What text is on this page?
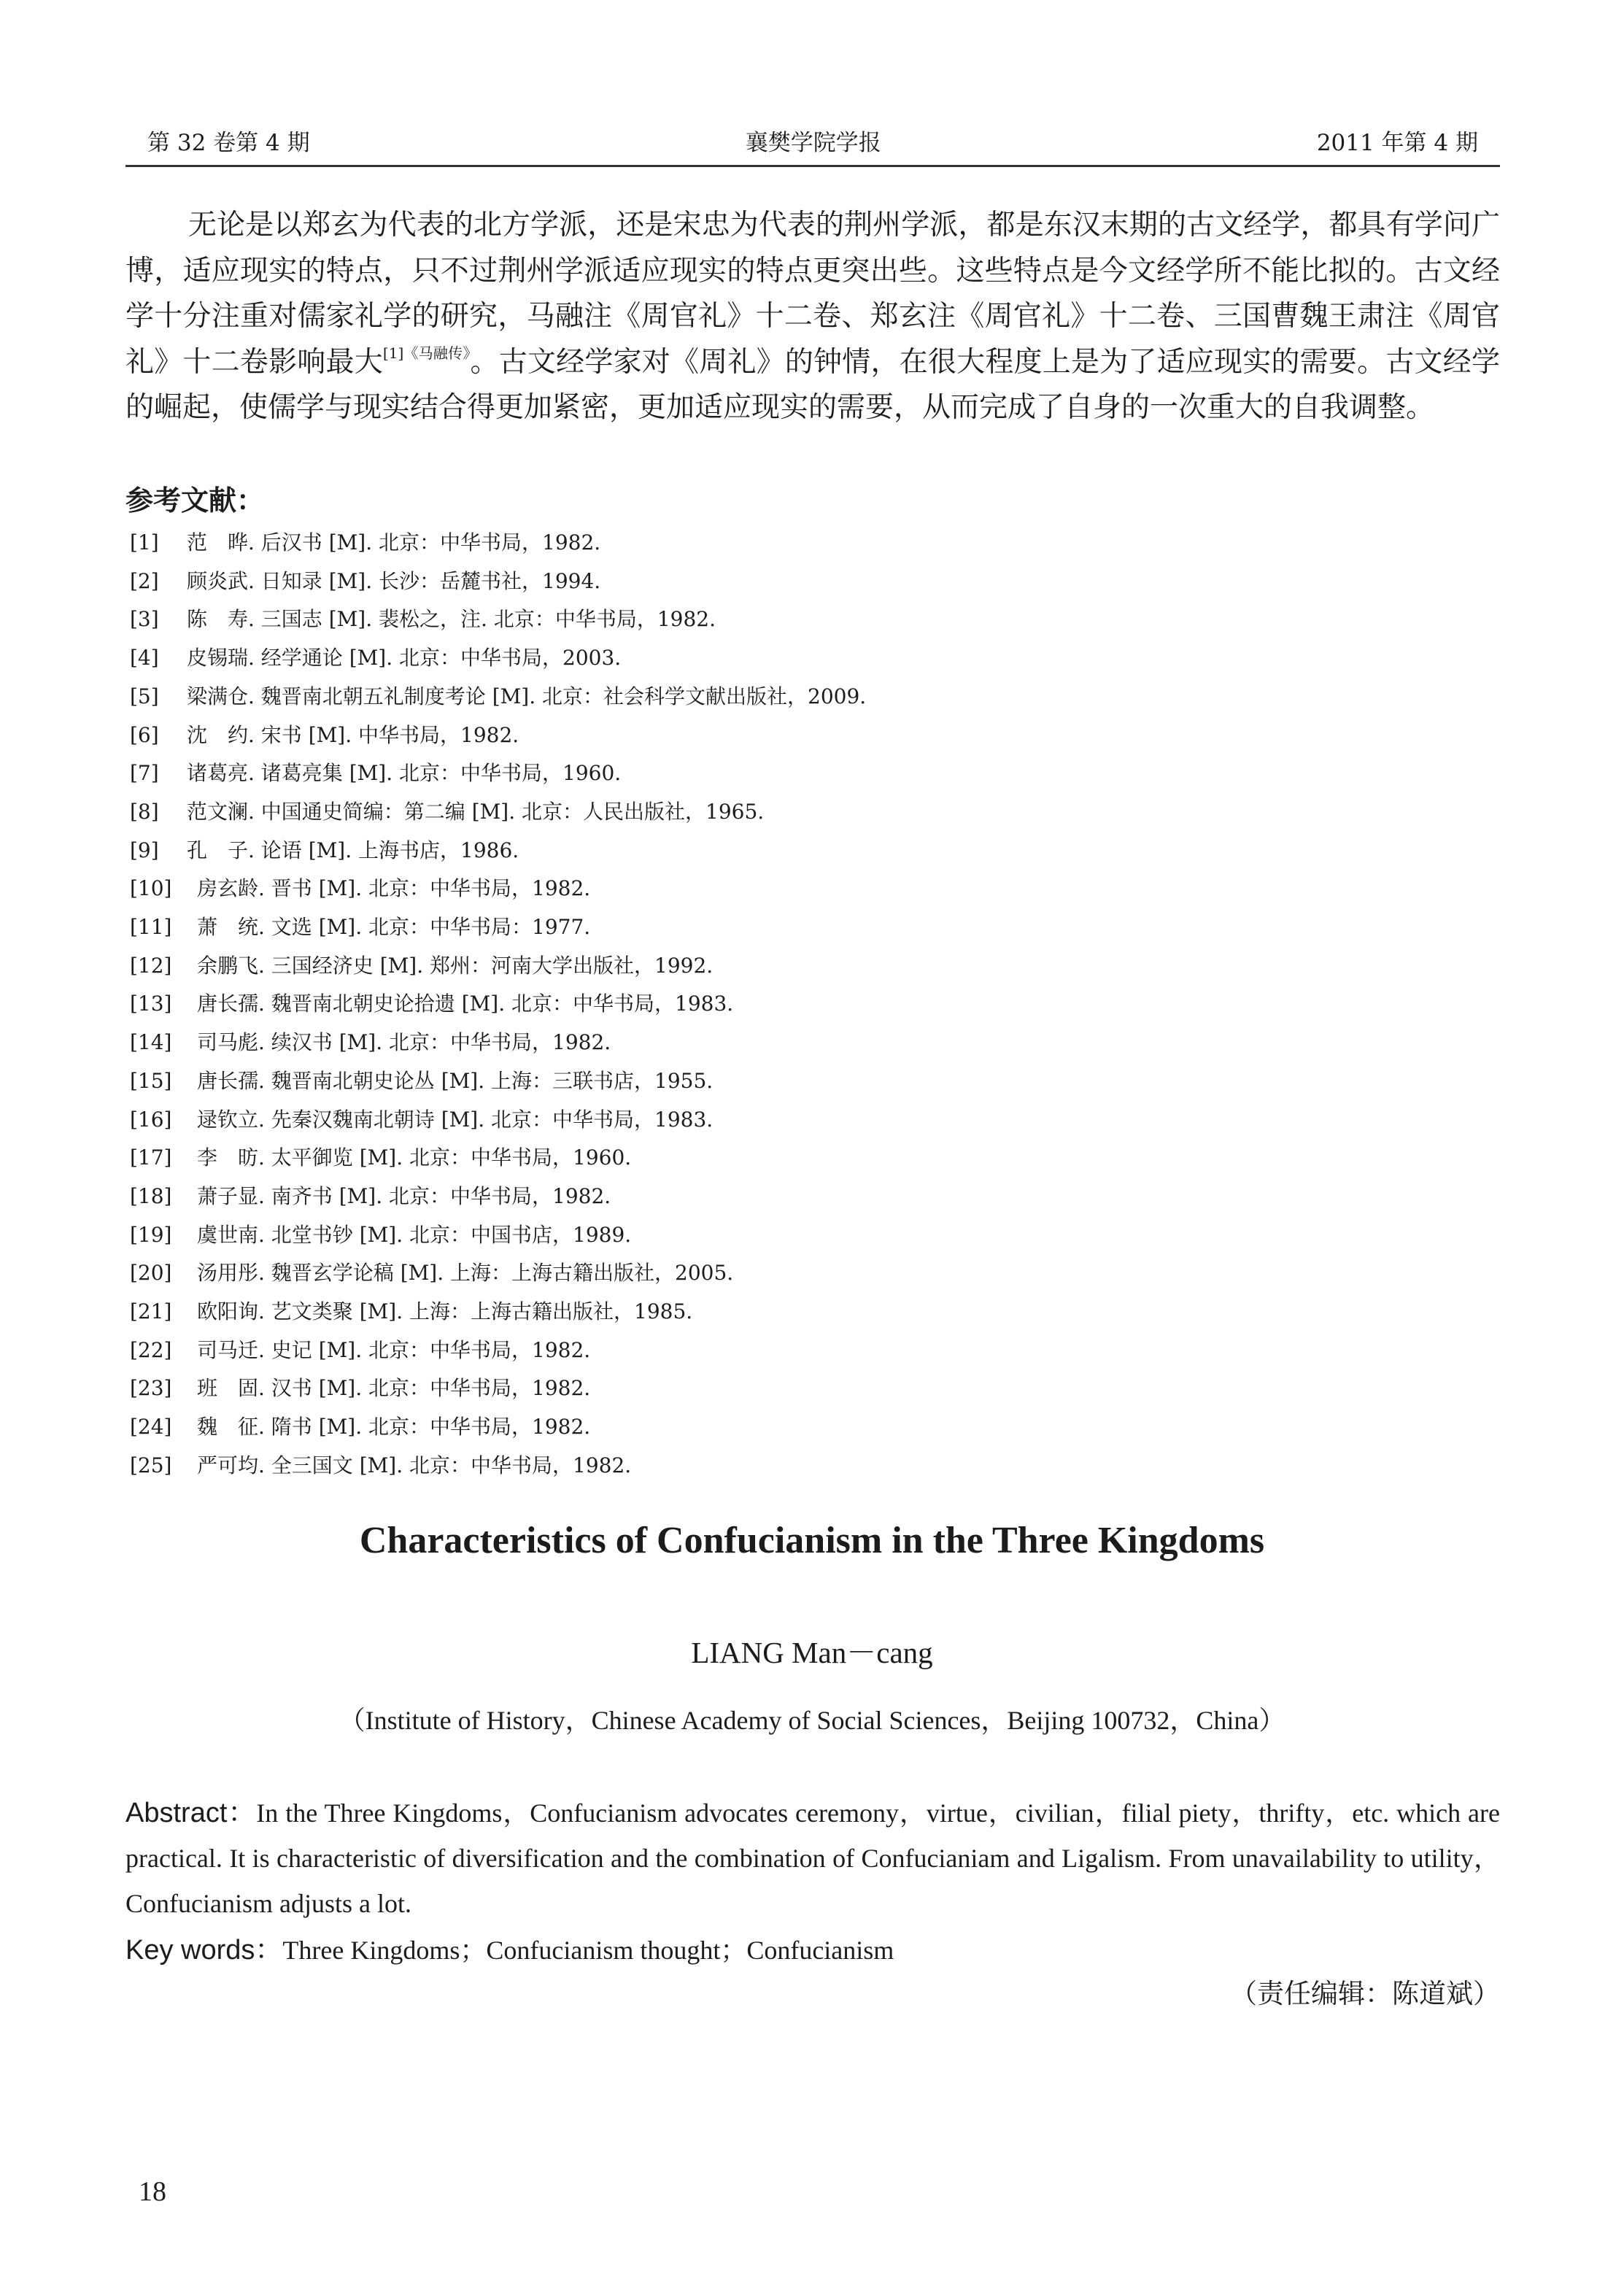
第 32 卷第 4 期	襄樊学院学报	2011 年第 4 期

无论是以郑玄为代表的北方学派，还是宋忠为代表的荆州学派，都是东汉末期的古文经学，都具有学问广博，适应现实的特点，只不过荆州学派适应现实的特点更突出些。这些特点是今文经学所不能比拟的。古文经学十分注重对儒家礼学的研究，马融注《周官礼》十二卷、郑玄注《周官礼》十二卷、三国曹魏王肃注《周官礼》十二卷影响最大$^{[1]《马融传》}$。古文经学家对《周礼》的钟情，在很大程度上是为了适应现实的需要。古文经学的崛起，使儒学与现实结合得更加紧密，更加适应现实的需要，从而完成了自身的一次重大的自我调整。

参考文献：
[1]	范　晔. 后汉书 [M]. 北京：中华书局，1982.
[2]	顾炎武. 日知录 [M]. 长沙：岳麓书社，1994.
[3]	陈　寿. 三国志 [M]. 裴松之，注. 北京：中华书局，1982.
[4]	皮锡瑞. 经学通论 [M]. 北京：中华书局，2003.
[5]	梁满仓. 魏晋南北朝五礼制度考论 [M]. 北京：社会科学文献出版社，2009.
[6]	沈　约. 宋书 [M]. 中华书局，1982.
[7]	诸葛亮. 诸葛亮集 [M]. 北京：中华书局，1960.
[8]	范文澜. 中国通史简编：第二编 [M]. 北京：人民出版社，1965.
[9]	孔　子. 论语 [M]. 上海书店，1986.
[10]	房玄龄. 晋书 [M]. 北京：中华书局，1982.
[11]	萧　统. 文选 [M]. 北京：中华书局：1977.
[12]	余鹏飞. 三国经济史 [M]. 郑州：河南大学出版社，1992.
[13]	唐长孺. 魏晋南北朝史论拾遗 [M]. 北京：中华书局，1983.
[14]	司马彪. 续汉书 [M]. 北京：中华书局，1982.
[15]	唐长孺. 魏晋南北朝史论丛 [M]. 上海：三联书店，1955.
[16]	逯钦立. 先秦汉魏南北朝诗 [M]. 北京：中华书局，1983.
[17]	李　昉. 太平御览 [M]. 北京：中华书局，1960.
[18]	萧子显. 南齐书 [M]. 北京：中华书局，1982.
[19]	虞世南. 北堂书钞 [M]. 北京：中国书店，1989.
[20]	汤用彤. 魏晋玄学论稿 [M]. 上海：上海古籍出版社，2005.
[21]	欧阳询. 艺文类聚 [M]. 上海：上海古籍出版社，1985.
[22]	司马迁. 史记 [M]. 北京：中华书局，1982.
[23]	班　固. 汉书 [M]. 北京：中华书局，1982.
[24]	魏　征. 隋书 [M]. 北京：中华书局，1982.
[25]	严可均. 全三国文 [M]. 北京：中华书局，1982.
Characteristics of Confucianism in the Three Kingdoms

LIANG Man－cang

（Institute of History，Chinese Academy of Social Sciences，Beijing 100732，China）

Abstract：In the Three Kingdoms，Confucianism advocates ceremony，virtue，civilian，filial piety，thrifty，etc. which are practical. It is characteristic of diversification and the combination of Confucianiam and Ligalism. From unavailability to utility，Confucianism adjusts a lot.

Key words：Three Kingdoms；Confucianism thought；Confucianism

（责任编辑：陈道斌）

18
